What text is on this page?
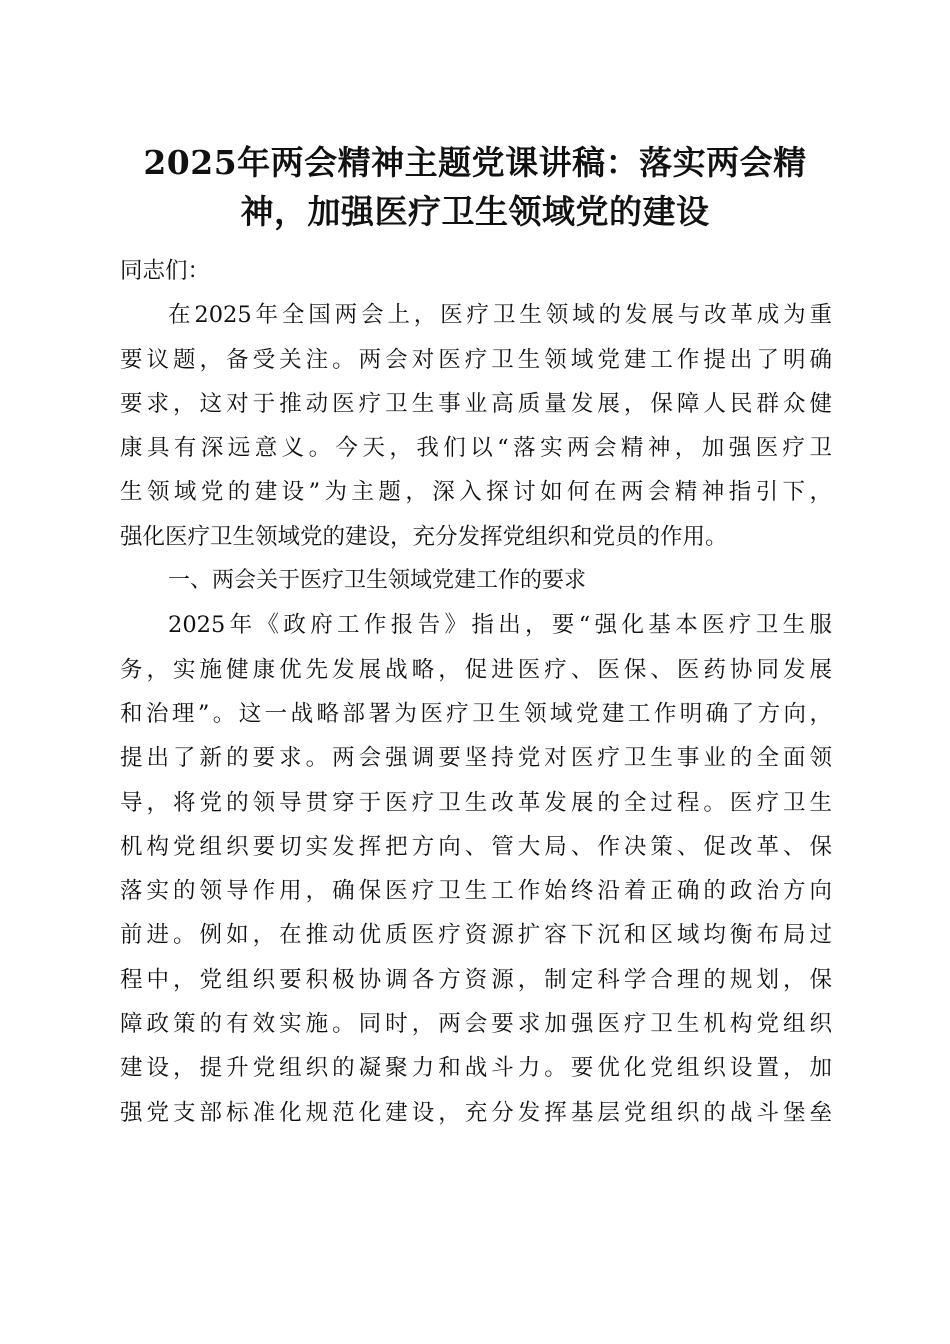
2025年两会精神主题党课讲稿：落实两会精
神，加强医疗卫生领域党的建设
同志们：
在2025年全国两会上，医疗卫生领域的发展与改革成为重
要议题，备受关注。两会对医疗卫生领域党建工作提出了明确
要求，这对于推动医疗卫生事业高质量发展，保障人民群众健
康具有深远意义。今天，我们以“落实两会精神，加强医疗卫
生领域党的建设”为主题，深入探讨如何在两会精神指引下，
强化医疗卫生领域党的建设，充分发挥党组织和党员的作用。
一、两会关于医疗卫生领域党建工作的要求
2025年《政府工作报告》指出，要“强化基本医疗卫生服
务，实施健康优先发展战略，促进医疗、医保、医药协同发展
和治理”。这一战略部署为医疗卫生领域党建工作明确了方向，
提出了新的要求。两会强调要坚持党对医疗卫生事业的全面领
导，将党的领导贯穿于医疗卫生改革发展的全过程。医疗卫生
机构党组织要切实发挥把方向、管大局、作决策、促改革、保
落实的领导作用，确保医疗卫生工作始终沿着正确的政治方向
前进。例如，在推动优质医疗资源扩容下沉和区域均衡布局过
程中，党组织要积极协调各方资源，制定科学合理的规划，保
障政策的有效实施。同时，两会要求加强医疗卫生机构党组织
建设，提升党组织的凝聚力和战斗力。要优化党组织设置，加
强党支部标准化规范化建设，充分发挥基层党组织的战斗堡垒
